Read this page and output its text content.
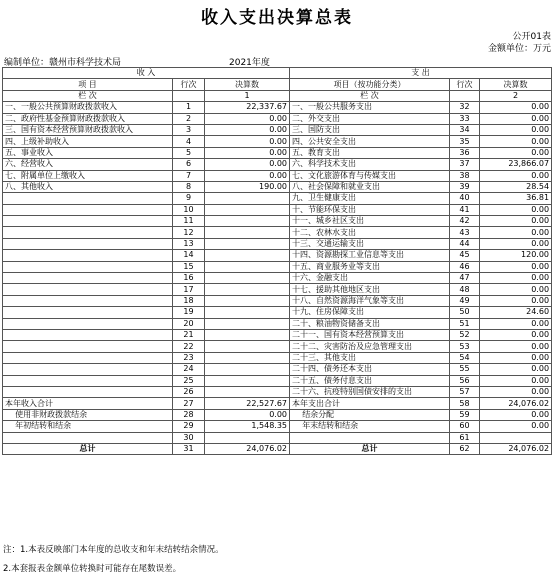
收入支出决算总表
公开01表
金额单位：万元
编制单位：赣州市科学技术局	2021年度
收 入			支 出		
项 目	行次	决算数	项目（按功能分类）	行次	决算数
栏 次		1	栏 次		2
一、一般公共预算财政拨款收入	1	22,337.67	一、一般公共服务支出	32	0.00
二、政府性基金预算财政拨款收入	2	0.00	二、外交支出	33	0.00
三、国有资本经营预算财政拨款收入	3	0.00	三、国防支出	34	0.00
四、上级补助收入	4	0.00	四、公共安全支出	35	0.00
五、事业收入	5	0.00	五、教育支出	36	0.00
六、经营收入	6	0.00	六、科学技术支出	37	23,866.07
七、附属单位上缴收入	7	0.00	七、文化旅游体育与传媒支出	38	0.00
八、其他收入	8	190.00	八、社会保障和就业支出	39	28.54
	9		九、卫生健康支出	40	36.81
	10		十、节能环保支出	41	0.00
	11		十一、城乡社区支出	42	0.00
	12		十二、农林水支出	43	0.00
	13		十三、交通运输支出	44	0.00
	14		十四、资源勘探工业信息等支出	45	120.00
	15		十五、商业服务业等支出	46	0.00
	16		十六、金融支出	47	0.00
	17		十七、援助其他地区支出	48	0.00
	18		十八、自然资源海洋气象等支出	49	0.00
	19		十九、住房保障支出	50	24.60
	20		二十、粮油物资储备支出	51	0.00
	21		二十一、国有资本经营预算支出	52	0.00
	22		二十二、灾害防治及应急管理支出	53	0.00
	23		二十三、其他支出	54	0.00
	24		二十四、债务还本支出	55	0.00
	25		二十五、债务付息支出	56	0.00
	26		二十六、抗疫特别国债安排的支出	57	0.00
本年收入合计	27	22,527.67	本年支出合计	58	24,076.02
使用非财政拨款结余	28	0.00	结余分配	59	0.00
年初结转和结余	29	1,548.35	年末结转和结余	60	0.00
	30			61	
总计	31	24,076.02	总计	62	24,076.02
注：1.本表反映部门本年度的总收支和年末结转结余情况。
2.本套报表金额单位转换时可能存在尾数误差。
